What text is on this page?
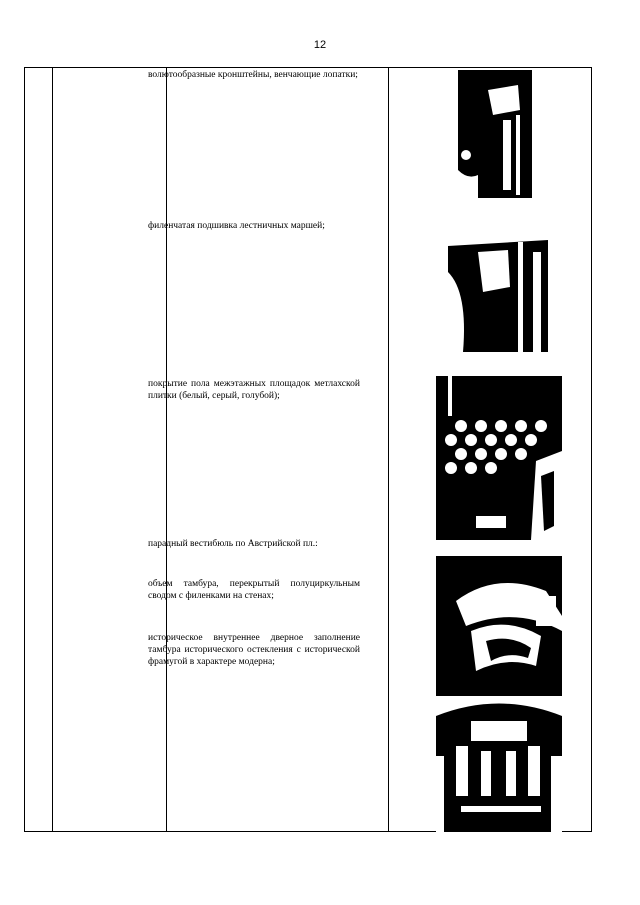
12

волютообразные кронштейны, венчающие лопатки;

филенчатая подшивка лестничных маршей;

покрытие пола межэтажных площадок метлахской плитки (белый, серый, голубой);

парадный вестибюль по Австрийской пл.:

объем тамбура, перекрытый полуциркульным сводом с филенками на стенах;

историческое внутреннее дверное заполнение тамбура исторического остекления с исторической фрамугой в характере модерна;
